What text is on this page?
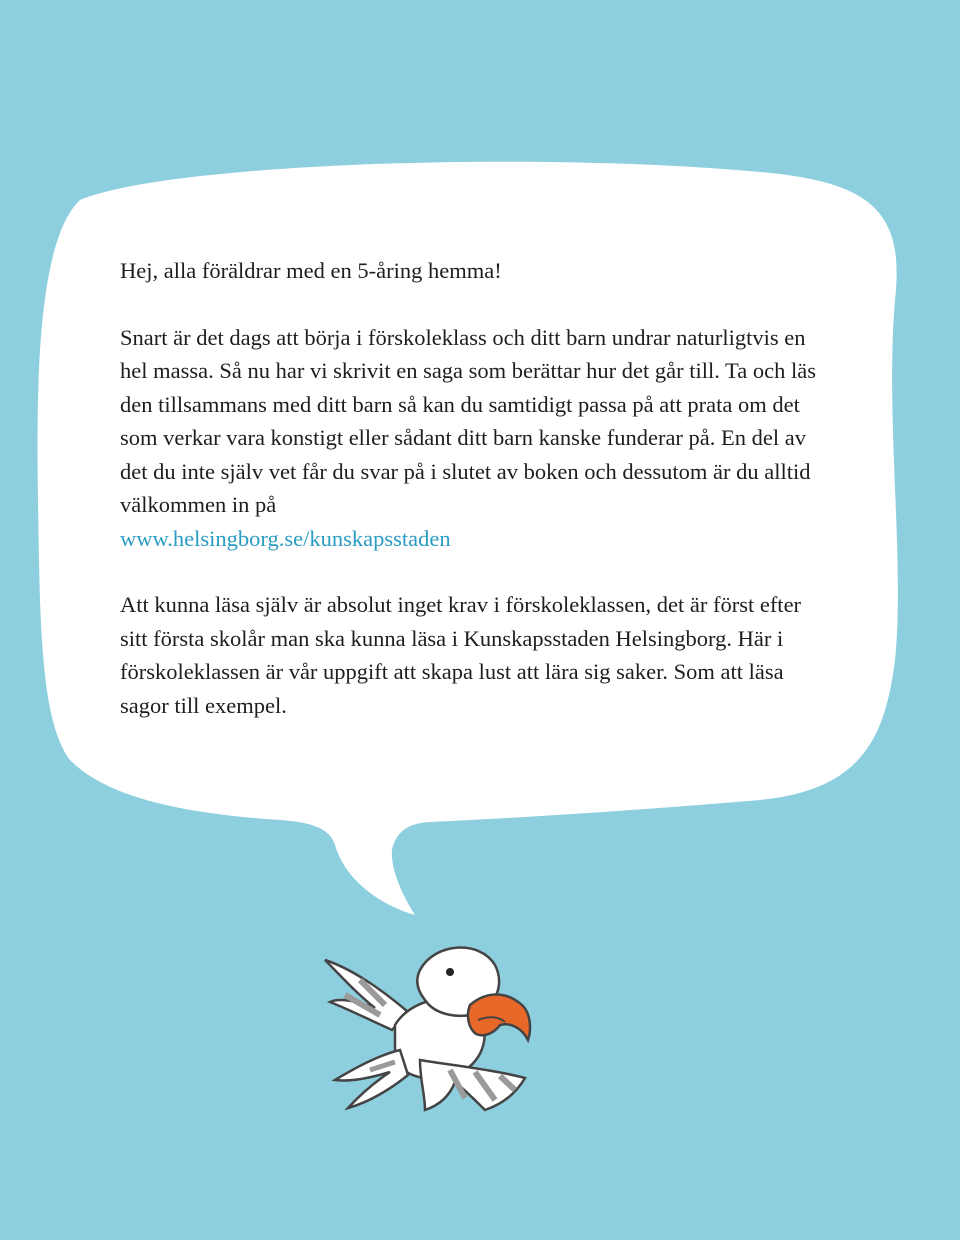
Hej, alla föräldrar med en 5-åring hemma!

Snart är det dags att börja i förskoleklass och ditt barn undrar naturligtvis en hel massa. Så nu har vi skrivit en saga som berättar hur det går till. Ta och läs den tillsammans med ditt barn så kan du samtidigt passa på att prata om det som verkar vara konstigt eller sådant ditt barn kanske funderar på. En del av det du inte själv vet får du svar på i slutet av boken och dessutom är du alltid välkommen in på
www.helsingborg.se/kunskapsstaden

Att kunna läsa själv är absolut inget krav i förskoleklassen, det är först efter sitt första skolår man ska kunna läsa i Kunskapsstaden Helsingborg. Här i förskoleklassen är vår uppgift att skapa lust att lära sig saker. Som att läsa sagor till exempel.
